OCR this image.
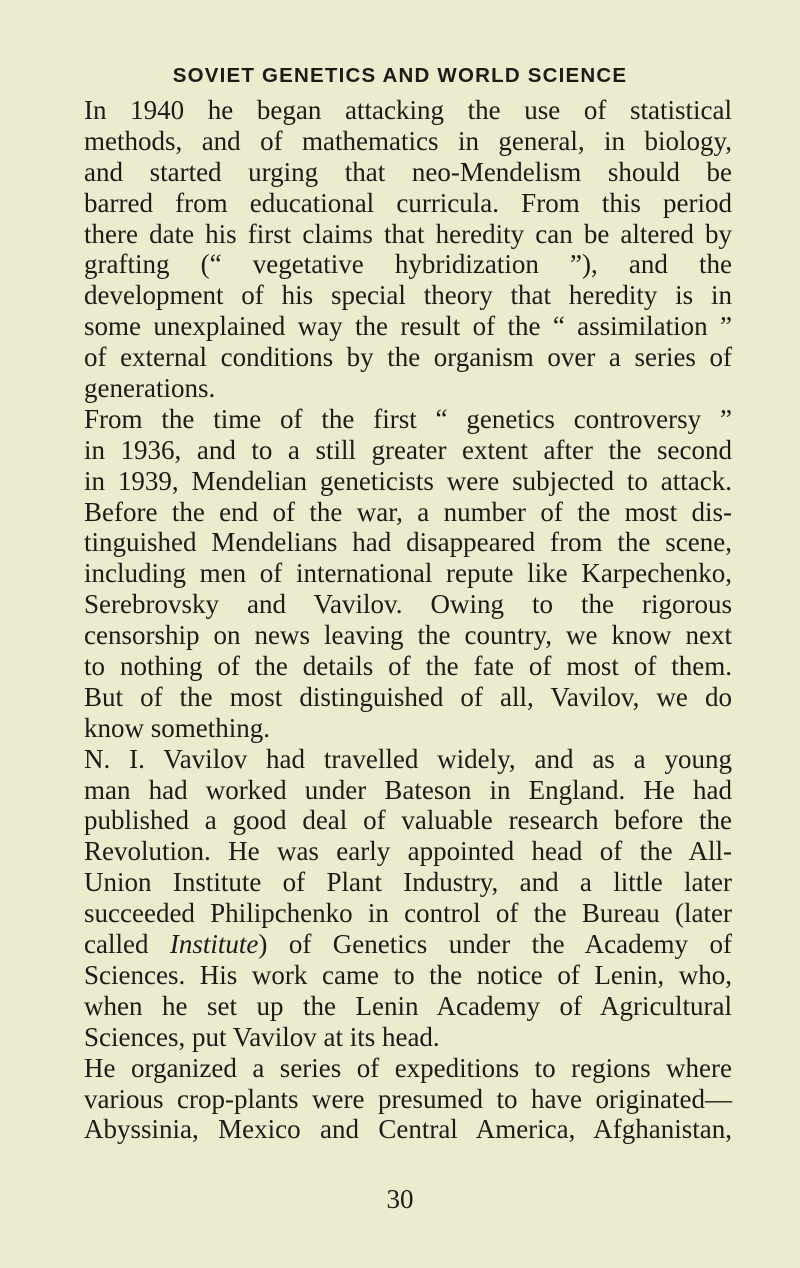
SOVIET GENETICS AND WORLD SCIENCE

In 1940 he began attacking the use of statistical
methods, and of mathematics in general, in biology,
and started urging that neo-Mendelism should be
barred from educational curricula. From this period
there date his first claims that heredity can be altered by
grafting (“ vegetative hybridization ”), and the
development of his special theory that heredity is in
some unexplained way the result of the “ assimilation ”
of external conditions by the organism over a series of
generations.

From the time of the first “ genetics controversy ”
in 1936, and to a still greater extent after the second
in 1939, Mendelian geneticists were subjected to attack.
Before the end of the war, a number of the most dis-
tinguished Mendelians had disappeared from the scene,
including men of international repute like Karpechenko,
Serebrovsky and Vavilov. Owing to the rigorous
censorship on news leaving the country, we know next
to nothing of the details of the fate of most of them.
But of the most distinguished of all, Vavilov, we do
know something.

N. I. Vavilov had travelled widely, and as a young
man had worked under Bateson in England. He had
published a good deal of valuable research before the
Revolution. He was early appointed head of the All-
Union Institute of Plant Industry, and a little later
succeeded Philipchenko in control of the Bureau (later
called Institute) of Genetics under the Academy of
Sciences. His work came to the notice of Lenin, who,
when he set up the Lenin Academy of Agricultural
Sciences, put Vavilov at its head.

He organized a series of expeditions to regions where
various crop-plants were presumed to have originated—
Abyssinia, Mexico and Central America, Afghanistan,

30
